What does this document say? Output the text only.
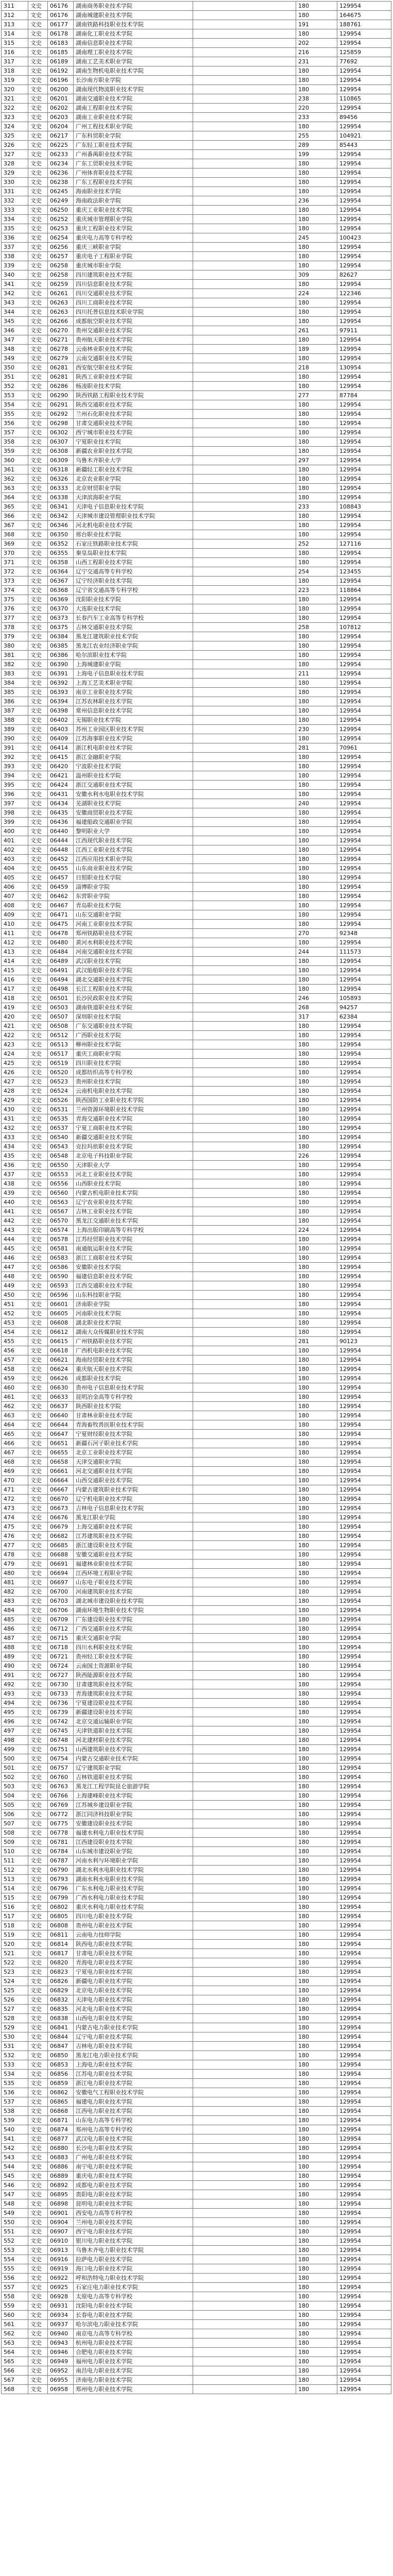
311	文史	06176	湖南商务职业技术学院		180	129954
312	文史	06176	湖南城建职业技术学院		180	164675
313	文史	06177	湖南铁路科技职业技术学院		191	188761
314	文史	06178	湖南化工职业技术学院		180	129954
315	文史	06183	湖南信息职业技术学院		202	129954
316	文史	06185	湖南理工职业技术学院		216	125859
317	文史	06189	湖南工艺美术职业学院		231	77692
318	文史	06192	湖南生物机电职业技术学院		180	129954
319	文史	06196	长沙南方职业学院		180	129954
320	文史	06200	湖南现代物流职业技术学院		180	129954
321	文史	06201	湖南交通职业技术学院		238	110865
322	文史	06202	湖南工程职业技术学院		220	129954
323	文史	06203	湖南工业职业技术学院		233	89456
324	文史	06204	广州工程技术职业学院		180	129954
325	文史	06217	广东科贸职业学院		255	104921
326	文史	06225	广东轻工职业技术学院		289	85443
327	文史	06233	广州番禺职业技术学院		199	129954
328	文史	06234	广东工贸职业技术学院		180	129954
329	文史	06236	广州体育职业技术学院		180	129954
330	文史	06238	广东工程职业技术学院		180	129954
331	文史	06245	海南职业技术学院		180	129954
332	文史	06249	海南政法职业学院		236	129954
333	文史	06250	重庆工业职业技术学院		180	129954
334	文史	06252	重庆城市管理职业学院		180	129954
335	文史	06253	重庆工程职业技术学院		180	129954
336	文史	06254	重庆电力高等专科学校		245	100423
337	文史	06256	重庆三峡职业学院		180	129954
338	文史	06257	重庆电子工程职业学院		180	129954
339	文史	06258	重庆城市职业学院		180	129954
340	文史	06258	四川建筑职业技术学院		309	82627
341	文史	06259	四川信息职业技术学院		180	129954
342	文史	06261	四川交通职业技术学院		224	122346
343	文史	06263	四川工商职业技术学院		180	129954
344	文史	06263	四川托普信息技术职业学院		180	129954
345	文史	06266	成都航空职业技术学院		180	129954
346	文史	06270	贵州交通职业技术学院		261	97911
347	文史	06271	贵州航天职业技术学院		180	129954
348	文史	06278	云南林业职业技术学院		189	129954
349	文史	06279	云南交通职业技术学院		180	129954
350	文史	06281	西安航空职业技术学院		218	130954
351	文史	06281	陕西工业职业技术学院		180	129954
352	文史	06286	杨凌职业技术学院		180	129954
353	文史	06290	陕西铁路工程职业技术学院		277	87784
354	文史	06291	陕西交通职业技术学院		180	129954
355	文史	06292	兰州石化职业技术学院		180	129954
356	文史	06298	甘肃交通职业技术学院		180	129954
357	文史	06302	西宁城市职业技术学院		180	129954
358	文史	06307	宁夏职业技术学院		180	129954
359	文史	06308	新疆农业职业技术学院		180	129954
360	文史	06309	乌鲁木齐职业大学		297	129954
361	文史	06318	新疆轻工职业技术学院		180	129954
362	文史	06326	北京农业职业学院		180	129954
363	文史	06333	北京财贸职业学院		180	129954
364	文史	06338	天津滨海职业学院		180	129954
365	文史	06341	天津电子信息职业技术学院		233	108843
366	文史	06342	天津城市建设管理职业技术学院		180	129954
367	文史	06346	河北机电职业技术学院		180	129954
368	文史	06350	邢台职业技术学院		180	129954
369	文史	06352	石家庄铁路职业技术学院		252	127116
370	文史	06355	秦皇岛职业技术学院		180	129954
371	文史	06358	山西工程职业技术学院		180	129954
372	文史	06364	辽宁交通高等专科学校		254	123455
373	文史	06367	辽宁经济职业技术学院		180	129954
374	文史	06368	辽宁省交通高等专科学校		223	118864
375	文史	06369	沈阳职业技术学院		180	129954
376	文史	06370	大连职业技术学院		180	129954
377	文史	06373	长春汽车工业高等专科学校		180	129954
378	文史	06375	吉林交通职业技术学院		258	107812
379	文史	06384	黑龙江建筑职业技术学院		180	129954
380	文史	06385	黑龙江农业经济职业学院		180	129954
381	文史	06386	哈尔滨职业技术学院		180	129954
382	文史	06390	上海城建职业学院		180	129954
383	文史	06391	上海电子信息职业技术学院		211	129954
384	文史	06392	上海工艺美术职业学院		180	129954
385	文史	06393	南京工业职业技术学院		180	129954
386	文史	06394	江苏农林职业技术学院		180	129954
387	文史	06398	常州信息职业技术学院		180	129954
388	文史	06402	无锡职业技术学院		180	129954
389	文史	06403	苏州工业园区职业技术学院		230	129954
390	文史	06409	江苏海事职业技术学院		180	129954
391	文史	06414	浙江机电职业技术学院		281	70961
392	文史	06415	浙江金融职业学院		180	129954
393	文史	06420	宁波职业技术学院		180	129954
394	文史	06421	温州职业技术学院		180	129954
395	文史	06424	浙江交通职业技术学院		180	129954
396	文史	06431	安徽水利水电职业技术学院		180	129954
397	文史	06434	芜湖职业技术学院		240	129954
398	文史	06435	安徽商贸职业技术学院		180	129954
399	文史	06436	福建船政交通职业学院		180	129954
400	文史	06440	黎明职业大学		180	129954
401	文史	06444	江西现代职业技术学院		180	129954
402	文史	06448	江西工业职业技术学院		180	129954
403	文史	06452	江西应用技术职业学院		180	129954
404	文史	06455	山东商业职业技术学院		180	129954
405	文史	06457	日照职业技术学院		180	129954
406	文史	06459	淄博职业学院		180	129954
407	文史	06462	东营职业学院		180	129954
408	文史	06467	青岛职业技术学院		180	129954
409	文史	06471	山东交通职业学院		180	129954
410	文史	06475	河南工业职业技术学院		180	129954
411	文史	06478	郑州铁路职业技术学院		270	92348
412	文史	06480	黄河水利职业技术学院		180	129954
413	文史	06484	河南交通职业技术学院		244	111573
414	文史	06489	武汉职业技术学院		180	129954
415	文史	06491	武汉船舶职业技术学院		180	129954
416	文史	06494	湖北交通职业技术学院		180	129954
417	文史	06498	长江工程职业技术学院		180	129954
418	文史	06501	长沙民政职业技术学院		246	105893
419	文史	06503	湖南铁道职业技术学院		268	94257
420	文史	06507	深圳职业技术学院		317	62384
421	文史	06508	广东交通职业技术学院		180	129954
422	文史	06512	广西职业技术学院		180	129954
423	文史	06513	柳州职业技术学院		180	129954
424	文史	06517	重庆工商职业学院		180	129954
425	文史	06519	四川职业技术学院		180	129954
426	文史	06520	成都纺织高等专科学校		180	129954
427	文史	06523	贵州职业技术学院		180	129954
428	文史	06524	云南机电职业技术学院		180	129954
429	文史	06526	陕西国防工业职业技术学院		180	129954
430	文史	06531	兰州资源环境职业技术学院		180	129954
431	文史	06535	青海交通职业技术学院		180	129954
432	文史	06537	宁夏工商职业技术学院		180	129954
433	文史	06540	新疆交通职业技术学院		180	129954
434	文史	06543	克拉玛依职业技术学院		180	129954
435	文史	06548	北京电子科技职业学院		226	129954
436	文史	06550	天津职业大学		180	129954
437	文史	06553	河北工业职业技术学院		180	129954
438	文史	06556	山西职业技术学院		180	129954
439	文史	06560	内蒙古机电职业技术学院		180	129954
440	文史	06563	辽宁农业职业技术学院		180	129954
441	文史	06567	吉林工业职业技术学院		180	129954
442	文史	06570	黑龙江交通职业技术学院		180	129954
443	文史	06574	上海出版印刷高等专科学校		224	129954
444	文史	06578	江苏经贸职业技术学院		180	129954
445	文史	06581	南通航运职业技术学院		180	129954
446	文史	06583	浙江工商职业技术学院		180	129954
447	文史	06586	安徽职业技术学院		180	129954
448	文史	06590	福建信息职业技术学院		180	129954
449	文史	06593	江西交通职业技术学院		180	129954
450	文史	06596	山东科技职业学院		180	129954
451	文史	06601	济南职业学院		180	129954
452	文史	06605	河南职业技术学院		180	129954
453	文史	06608	湖北职业技术学院		180	129954
454	文史	06612	湖南大众传媒职业技术学院		180	129954
455	文史	06615	广州铁路职业技术学院		281	90123
456	文史	06618	广西机电职业技术学院		180	129954
457	文史	06621	海南经贸职业技术学院		180	129954
458	文史	06624	重庆航天职业技术学院		180	129954
459	文史	06626	成都职业技术学院		180	129954
460	文史	06630	贵州电子信息职业技术学院		180	129954
461	文史	06633	昆明冶金高等专科学校		180	129954
462	文史	06637	陕西职业技术学院		180	129954
463	文史	06640	甘肃林业职业技术学院		180	129954
464	文史	06644	青海畜牧兽医职业技术学院		180	129954
465	文史	06647	宁夏财经职业技术学院		180	129954
466	文史	06651	新疆石河子职业技术学院		180	129954
467	文史	06655	北京工业职业技术学院		180	129954
468	文史	06658	天津交通职业学院		180	129954
469	文史	06661	河北交通职业技术学院		180	129954
470	文史	06664	山西交通职业技术学院		180	129954
471	文史	06667	内蒙古建筑职业技术学院		180	129954
472	文史	06670	辽宁机电职业技术学院		180	129954
473	文史	06673	吉林电子信息职业技术学院		180	129954
474	文史	06676	黑龙江职业学院		180	129954
475	文史	06679	上海交通职业技术学院		180	129954
476	文史	06682	江苏建筑职业技术学院		180	129954
477	文史	06685	浙江建设职业技术学院		180	129954
478	文史	06688	安徽交通职业技术学院		180	129954
479	文史	06691	福建林业职业技术学院		180	129954
480	文史	06694	江西环境工程职业学院		180	129954
481	文史	06697	山东电子职业技术学院		180	129954
482	文史	06700	河南建筑职业技术学院		180	129954
483	文史	06703	湖北城市建设职业技术学院		180	129954
484	文史	06706	湖南环境生物职业技术学院		180	129954
485	文史	06709	广东建设职业技术学院		180	129954
486	文史	06712	广西交通职业技术学院		180	129954
487	文史	06715	重庆交通职业学院		180	129954
488	文史	06718	四川水利职业技术学院		180	129954
489	文史	06721	贵州轻工职业技术学院		180	129954
490	文史	06724	云南国土资源职业学院		180	129954
491	文史	06727	陕西能源职业技术学院		180	129954
492	文史	06730	甘肃建筑职业技术学院		180	129954
493	文史	06733	青海建筑职业技术学院		180	129954
494	文史	06736	宁夏建设职业技术学院		180	129954
495	文史	06739	新疆建设职业技术学院		180	129954
496	文史	06742	北京交通运输职业学院		180	129954
497	文史	06745	天津铁道职业技术学院		180	129954
498	文史	06748	河北建材职业技术学院		180	129954
499	文史	06751	山西建筑职业技术学院		180	129954
500	文史	06754	内蒙古交通职业技术学院		180	129954
501	文史	06757	辽宁建筑职业学院		180	129954
502	文史	06760	吉林铁道职业技术学院		180	129954
503	文史	06763	黑龙江工程学院昆仑旅游学院		180	129954
504	文史	06766	上海建峰职业技术学院		180	129954
505	文史	06769	江苏城乡建设职业学院		180	129954
506	文史	06772	浙江同济科技职业学院		180	129954
507	文史	06775	安徽建设职业技术学院		180	129954
508	文史	06778	福建水利电力职业技术学院		180	129954
509	文史	06781	江西建设职业技术学院		180	129954
510	文史	06784	山东城市建设职业学院		180	129954
511	文史	06787	河南水利与环境职业学院		180	129954
512	文史	06790	湖北水利水电职业技术学院		180	129954
513	文史	06793	湖南水利水电职业技术学院		180	129954
514	文史	06796	广东水利电力职业技术学院		180	129954
515	文史	06799	广西水利电力职业技术学院		180	129954
516	文史	06802	重庆水利电力职业技术学院		180	129954
517	文史	06805	四川电力职业技术学院		180	129954
518	文史	06808	贵州电力职业技术学院		180	129954
519	文史	06811	云南电力技师学院		180	129954
520	文史	06814	陕西电力职业技术学院		180	129954
521	文史	06817	甘肃电力职业技术学院		180	129954
522	文史	06820	青海电力职业技术学院		180	129954
523	文史	06823	宁夏电力职业技术学院		180	129954
524	文史	06826	新疆电力职业技术学院		180	129954
525	文史	06829	北京电力职业技术学院		180	129954
526	文史	06832	天津电力职业技术学院		180	129954
527	文史	06835	河北电力职业技术学院		180	129954
528	文史	06838	山西电力职业技术学院		180	129954
529	文史	06841	内蒙古电力职业技术学院		180	129954
530	文史	06844	辽宁电力职业技术学院		180	129954
531	文史	06847	吉林电力职业技术学院		180	129954
532	文史	06850	黑龙江电力职业技术学院		180	129954
533	文史	06853	上海电力职业技术学院		180	129954
534	文史	06856	江苏电力职业技术学院		180	129954
535	文史	06859	浙江电力职业技术学院		180	129954
536	文史	06862	安徽电气工程职业技术学院		180	129954
537	文史	06865	福建电力职业技术学院		180	129954
538	文史	06868	江西电力职业技术学院		180	129954
539	文史	06871	山东电力高等专科学校		180	129954
540	文史	06874	郑州电力高等专科学校		180	129954
541	文史	06877	武汉电力职业技术学院		180	129954
542	文史	06880	长沙电力职业技术学院		180	129954
543	文史	06883	广州电力职业技术学院		180	129954
544	文史	06886	南宁电力职业技术学院		180	129954
545	文史	06889	重庆电力职业技术学院		180	129954
546	文史	06892	成都电力职业技术学院		180	129954
547	文史	06895	贵阳电力职业技术学院		180	129954
548	文史	06898	昆明电力职业技术学院		180	129954
549	文史	06901	西安电力高等专科学校		180	129954
550	文史	06904	兰州电力职业技术学院		180	129954
551	文史	06907	西宁电力职业技术学院		180	129954
552	文史	06910	银川电力职业技术学院		180	129954
553	文史	06913	乌鲁木齐电力职业技术学院		180	129954
554	文史	06916	拉萨电力职业技术学院		180	129954
555	文史	06919	海口电力职业技术学院		180	129954
556	文史	06922	呼和浩特电力职业技术学院		180	129954
557	文史	06925	石家庄电力职业技术学院		180	129954
558	文史	06928	太原电力高等专科学校		180	129954
559	文史	06931	沈阳电力职业技术学院		180	129954
560	文史	06934	长春电力职业技术学院		180	129954
561	文史	06937	哈尔滨电力职业技术学院		180	129954
562	文史	06940	南京电力高等专科学校		180	129954
563	文史	06943	杭州电力职业技术学院		180	129954
564	文史	06946	合肥电力职业技术学院		180	129954
565	文史	06949	福州电力职业技术学院		180	129954
566	文史	06952	南昌电力职业技术学院		180	129954
567	文史	06955	济南电力职业技术学院		180	129954
568	文史	06958	郑州电力职业技术学院		180	129954
